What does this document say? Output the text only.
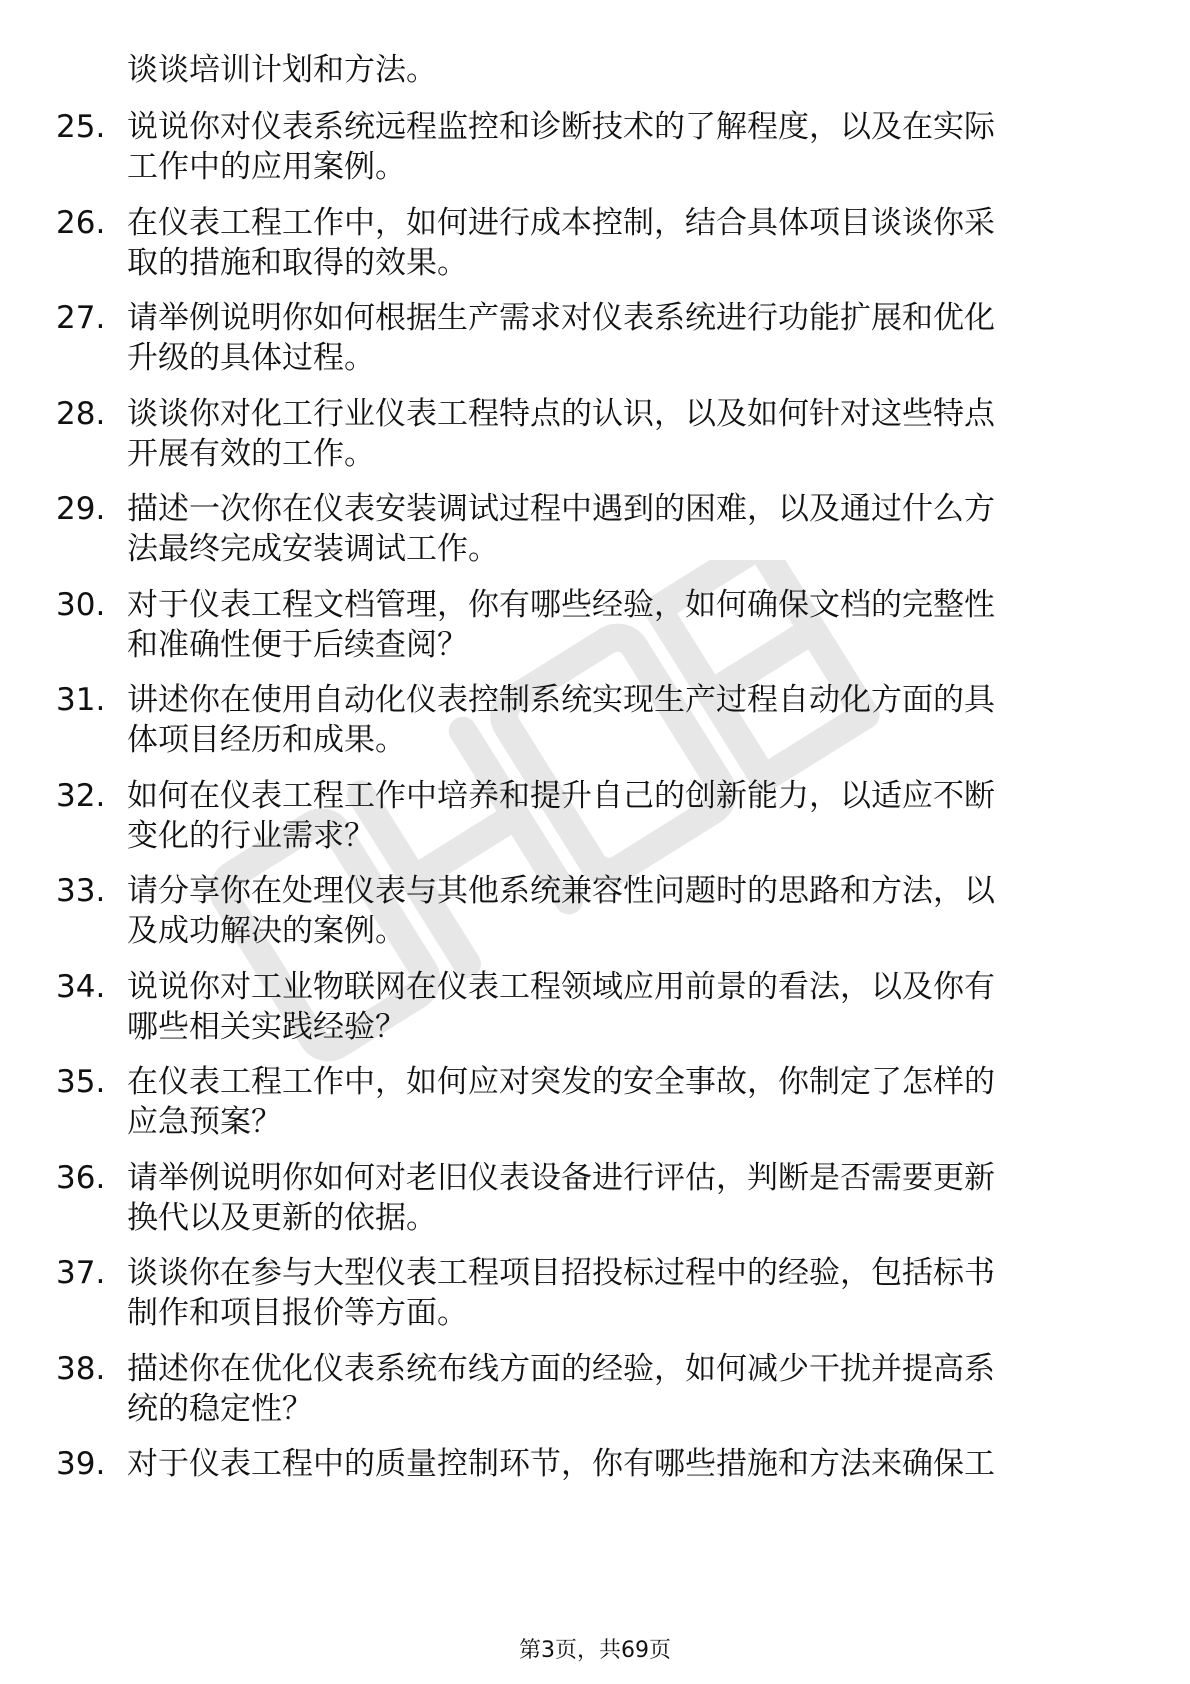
谈谈培训计划和方法。
25. 说说你对仪表系统远程监控和诊断技术的了解程度，以及在实际
工作中的应用案例。
26. 在仪表工程工作中，如何进行成本控制，结合具体项目谈谈你采
取的措施和取得的效果。
27. 请举例说明你如何根据生产需求对仪表系统进行功能扩展和优化
升级的具体过程。
28. 谈谈你对化工行业仪表工程特点的认识，以及如何针对这些特点
开展有效的工作。
29. 描述一次你在仪表安装调试过程中遇到的困难，以及通过什么方
法最终完成安装调试工作。
30. 对于仪表工程文档管理，你有哪些经验，如何确保文档的完整性
和准确性便于后续查阅？
31. 讲述你在使用自动化仪表控制系统实现生产过程自动化方面的具
体项目经历和成果。
32. 如何在仪表工程工作中培养和提升自己的创新能力，以适应不断
变化的行业需求？
33. 请分享你在处理仪表与其他系统兼容性问题时的思路和方法，以
及成功解决的案例。
34. 说说你对工业物联网在仪表工程领域应用前景的看法，以及你有
哪些相关实践经验？
35. 在仪表工程工作中，如何应对突发的安全事故，你制定了怎样的
应急预案？
36. 请举例说明你如何对老旧仪表设备进行评估，判断是否需要更新
换代以及更新的依据。
37. 谈谈你在参与大型仪表工程项目招投标过程中的经验，包括标书
制作和项目报价等方面。
38. 描述你在优化仪表系统布线方面的经验，如何减少干扰并提高系
统的稳定性？
39. 对于仪表工程中的质量控制环节，你有哪些措施和方法来确保工
第3页，共69页
